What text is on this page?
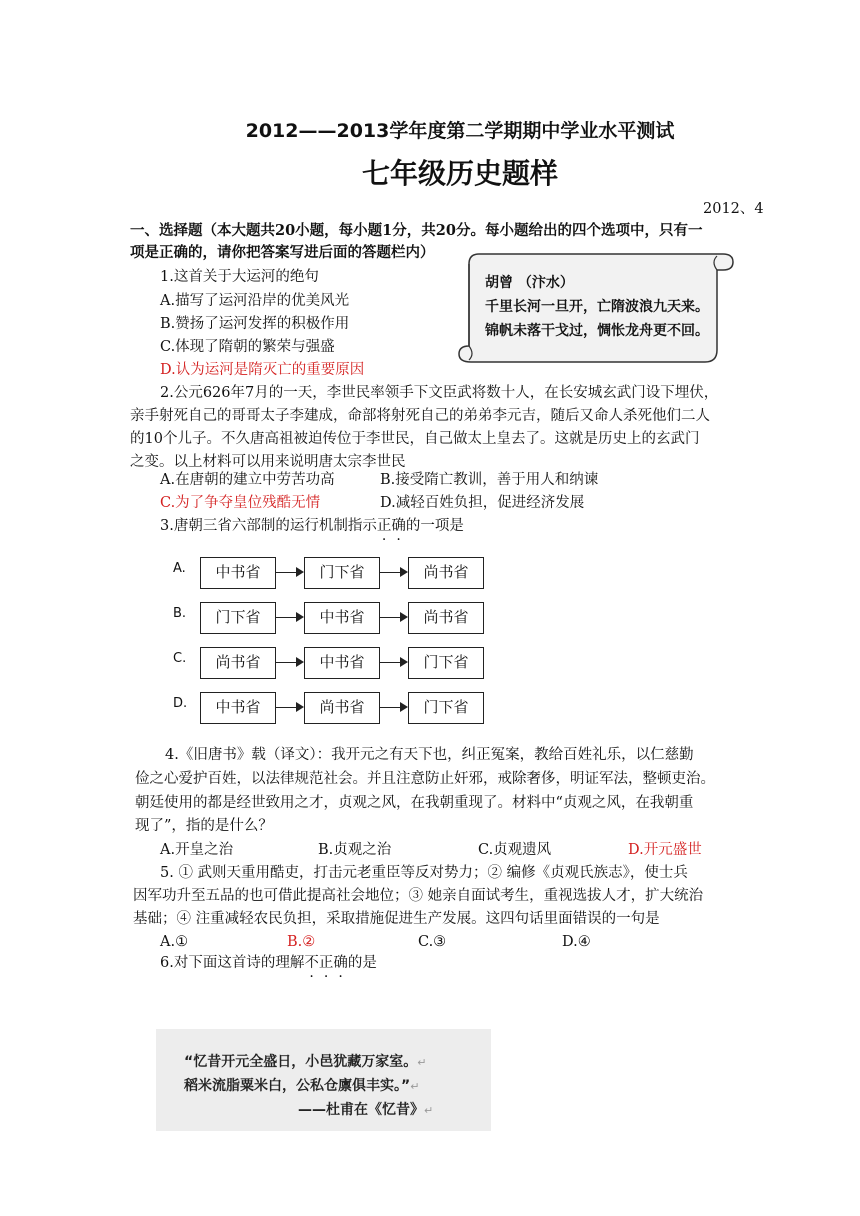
2012——2013学年度第二学期期中学业水平测试
七年级历史题样
2012、4
一、选择题（本大题共20小题，每小题1分，共20分。每小题给出的四个选项中，只有一
项是正确的，请你把答案写进后面的答题栏内）
胡曾 （汴水）
千里长河一旦开，亡隋波浪九天来。
锦帆未落干戈过，惆怅龙舟更不回。
1.这首关于大运河的绝句
A.描写了运河沿岸的优美风光
B.赞扬了运河发挥的积极作用
C.体现了隋朝的繁荣与强盛
D.认为运河是隋灭亡的重要原因
2.公元626年7月的一天，李世民率领手下文臣武将数十人，在长安城玄武门设下埋伏，
亲手射死自己的哥哥太子李建成，命部将射死自己的弟弟李元吉，随后又命人杀死他们二人
的10个儿子。不久唐高祖被迫传位于李世民，自己做太上皇去了。这就是历史上的玄武门
之变。以上材料可以用来说明唐太宗李世民
A.在唐朝的建立中劳苦功高	B.接受隋亡教训，善于用人和纳谏
C.为了争夺皇位残酷无情	D.减轻百姓负担，促进经济发展
3.唐朝三省六部制的运行机制指示正确的一项是
A.	中书省	门下省	尚书省
B.	门下省	中书省	尚书省
C.	尚书省	中书省	门下省
D.	中书省	尚书省	门下省
4.《旧唐书》载（译文）：我开元之有天下也，纠正冤案，教给百姓礼乐，以仁慈勤
俭之心爱护百姓，以法律规范社会。并且注意防止奸邪，戒除奢侈，明证军法，整顿吏治。
朝廷使用的都是经世致用之才，贞观之风，在我朝重现了。材料中“贞观之风，在我朝重
现了”，指的是什么？
A.开皇之治	B.贞观之治	C.贞观遗风	D.开元盛世
5. ① 武则天重用酷吏，打击元老重臣等反对势力；② 编修《贞观氏族志》，使士兵
因军功升至五品的也可借此提高社会地位；③ 她亲自面试考生，重视选拔人才，扩大统治
基础；④ 注重减轻农民负担，采取措施促进生产发展。这四句话里面错误的一句是
A.①	B.②	C.③	D.④
6.对下面这首诗的理解不正确的是
“忆昔开元全盛日，小邑犹藏万家室。↵
稻米流脂粟米白，公私仓廪俱丰实。”↵
——杜甫在《忆昔》↵
